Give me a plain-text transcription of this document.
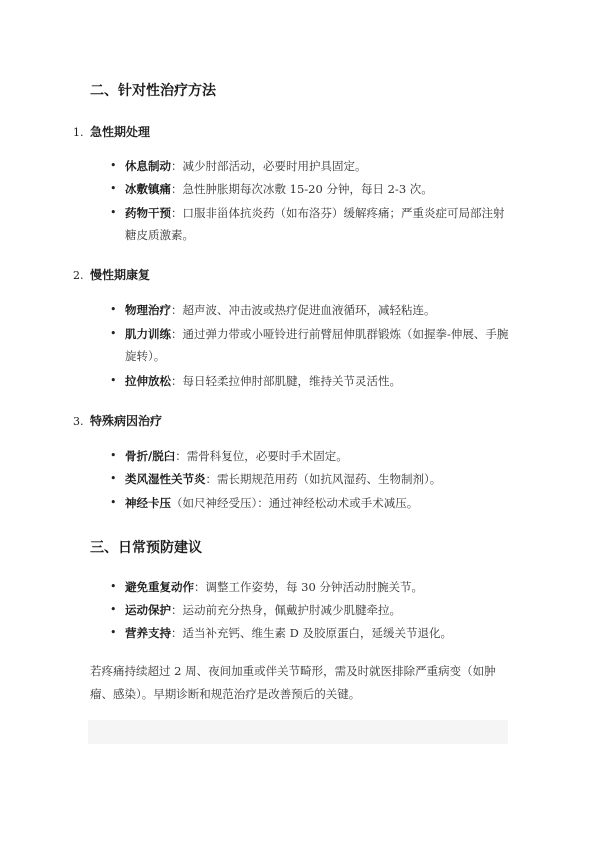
二、针对性治疗方法
1. 急性期处理
• 休息制动：减少肘部活动，必要时用护具固定。
• 冰敷镇痛：急性肿胀期每次冰敷 15-20 分钟，每日 2-3 次。
• 药物干预：口服非甾体抗炎药（如布洛芬）缓解疼痛；严重炎症可局部注射糖皮质激素。
2. 慢性期康复
• 物理治疗：超声波、冲击波或热疗促进血液循环，减轻粘连。
• 肌力训练：通过弹力带或小哑铃进行前臂屈伸肌群锻炼（如握拳-伸展、手腕旋转）。
• 拉伸放松：每日轻柔拉伸肘部肌腱，维持关节灵活性。
3. 特殊病因治疗
• 骨折/脱臼：需骨科复位，必要时手术固定。
• 类风湿性关节炎：需长期规范用药（如抗风湿药、生物制剂）。
• 神经卡压（如尺神经受压）：通过神经松动术或手术减压。
三、日常预防建议
• 避免重复动作：调整工作姿势，每 30 分钟活动肘腕关节。
• 运动保护：运动前充分热身，佩戴护肘减少肌腱牵拉。
• 营养支持：适当补充钙、维生素 D 及胶原蛋白，延缓关节退化。

若疼痛持续超过 2 周、夜间加重或伴关节畸形，需及时就医排除严重病变（如肿瘤、感染）。早期诊断和规范治疗是改善预后的关键。
